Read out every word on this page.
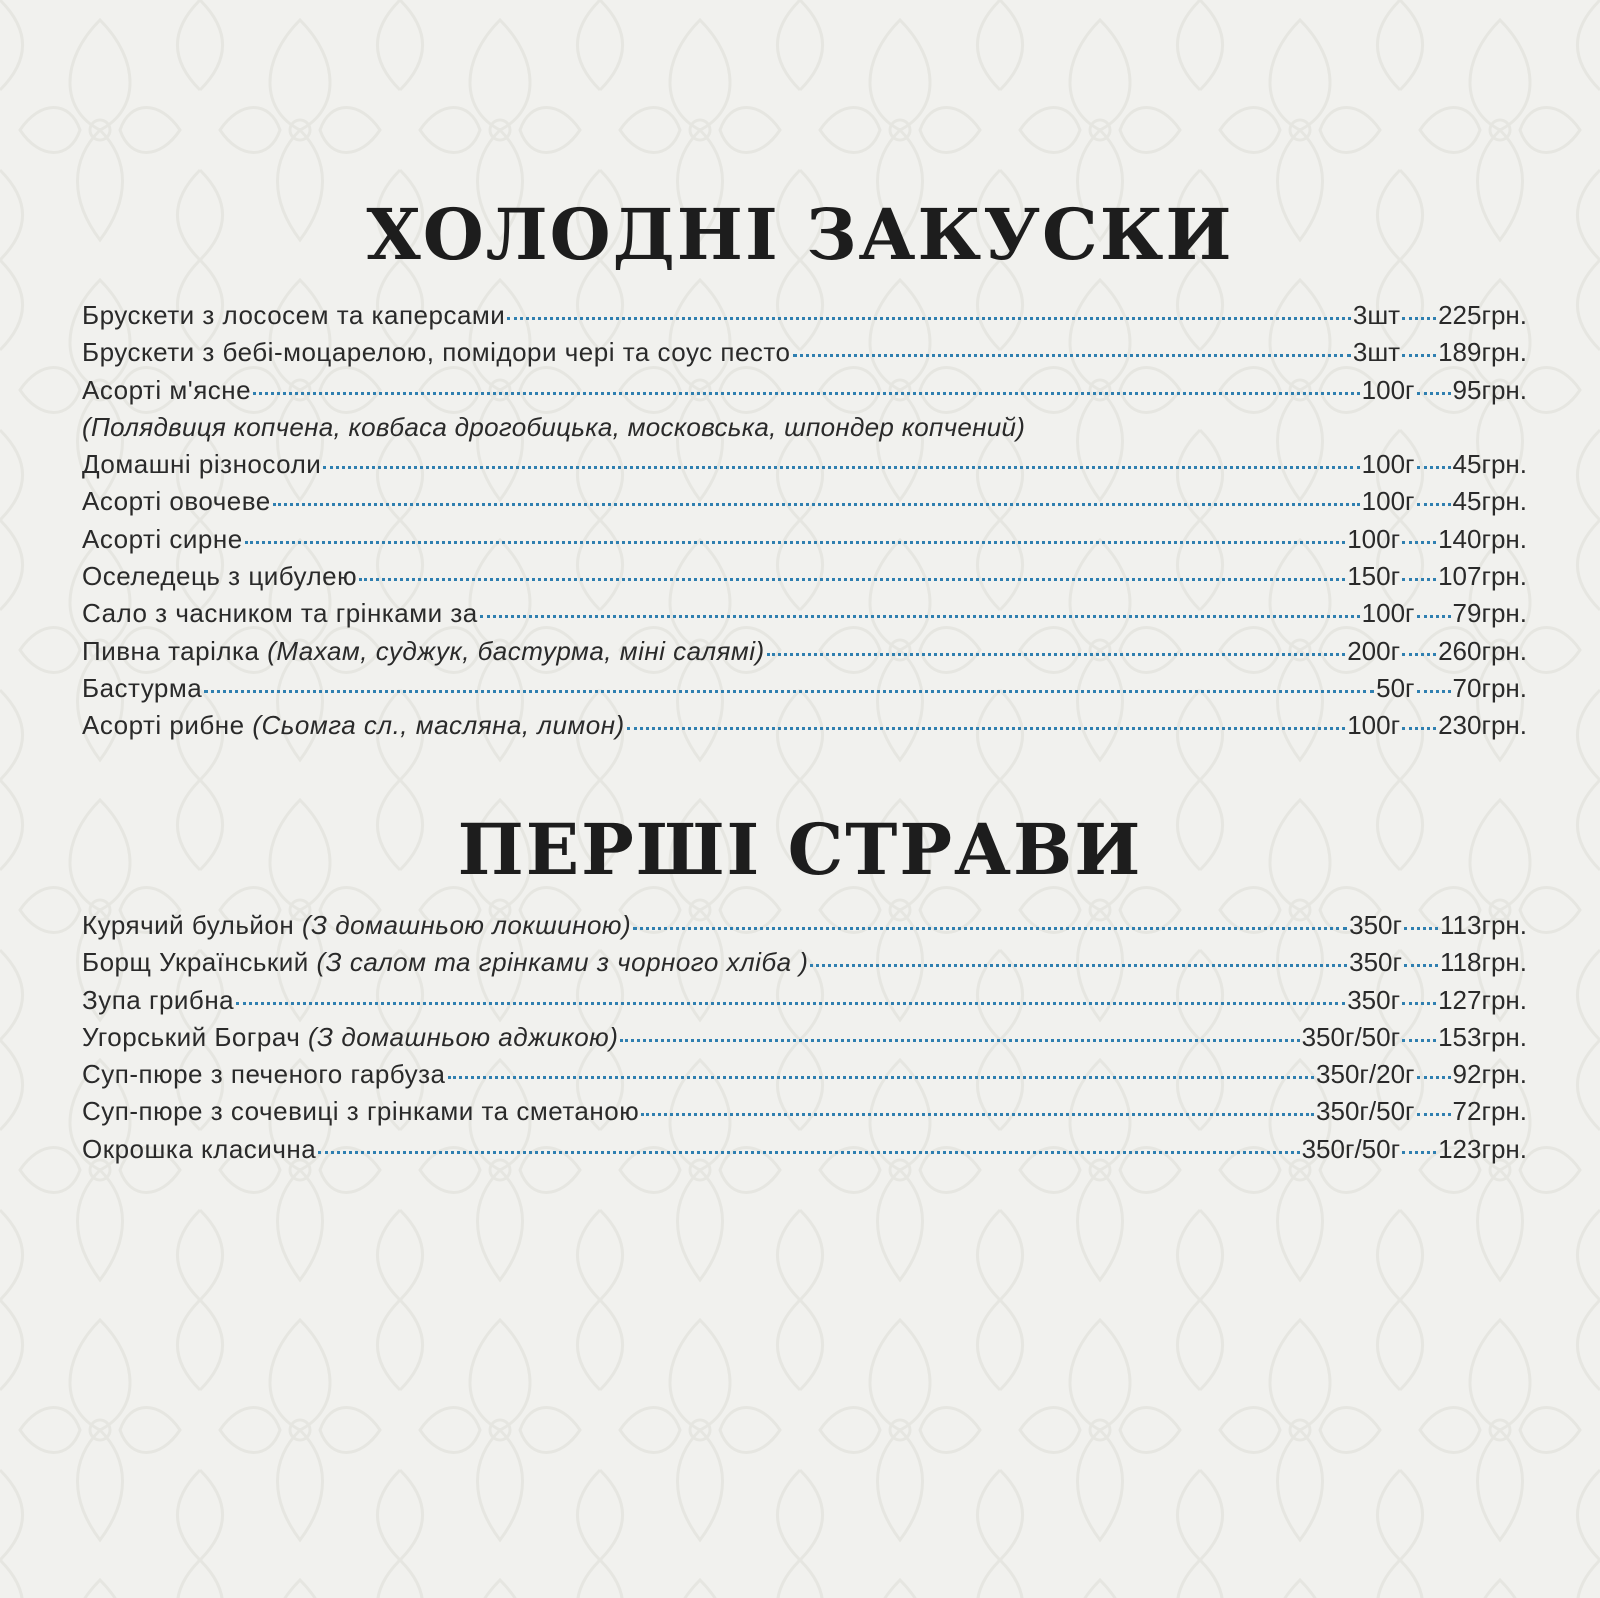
ХОЛОДНІ ЗАКУСКИ
Брускети з лососем та каперсами	3шт 225грн.
Брускети з бебі-моцарелою, помідори чері та соус песто	3шт 189грн.
Асорті м'ясне	100г 95грн.
(Полядвиця копчена, ковбаса дрогобицька, московська, шпондер копчений)
Домашні різносоли	100г 45грн.
Асорті овочеве	100г 45грн.
Асорті сирне	100г 140грн.
Оселедець з цибулею	150г 107грн.
Сало з часником та грінками за	100г 79грн.
Пивна тарілка (Махам, суджук, бастурма, міні салямі)	200г 260грн.
Бастурма	50г 70грн.
Асорті рибне (Сьомга сл., масляна, лимон)	100г 230грн.
ПЕРШІ СТРАВИ
Курячий бульйон (З домашньою локшиною)	350г 113грн.
Борщ Український (З салом та грінками з чорного хліба )	350г 118грн.
Зупа грибна	350г 127грн.
Угорський Бограч (З домашньою аджикою)	350г/50г 153грн.
Суп-пюре з печеного гарбуза	350г/20г 92грн.
Суп-пюре з сочевиці з грінками та сметаною	350г/50г 72грн.
Окрошка класична	350г/50г 123грн.
